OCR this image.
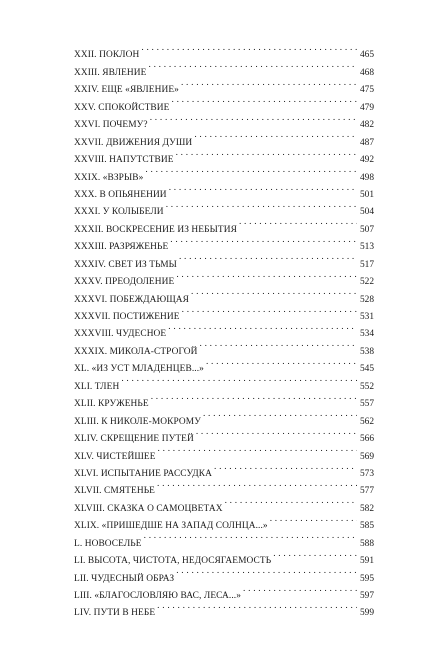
XXII. ПОКЛОН . . .	465
XXIII. ЯВЛЕНИЕ . . .	468
XXIV. ЕЩЕ «ЯВЛЕНИЕ» . . .	475
XXV. СПОКОЙСТВИЕ . . .	479
XXVI. ПОЧЕМУ? . . .	482
XXVII. ДВИЖЕНИЯ ДУШИ . . .	487
XXVIII. НАПУТСТВИЕ . . .	492
XXIX. «ВЗРЫВ» . . .	498
XXX. В ОПЬЯНЕНИИ . . .	501
XXXI. У КОЛЫБЕЛИ . . .	504
XXXII. ВОСКРЕСЕНИЕ ИЗ НЕБЫТИЯ . . .	507
XXXIII. РАЗРЯЖЕНЬЕ . . .	513
XXXIV. СВЕТ ИЗ ТЬМЫ . . .	517
XXXV. ПРЕОДОЛЕНИЕ . . .	522
XXXVI. ПОБЕЖДАЮЩАЯ . . .	528
XXXVII. ПОСТИЖЕНИЕ . . .	531
XXXVIII. ЧУДЕСНОЕ . . .	534
XXXIX. МИКОЛА-СТРОГОЙ . . .	538
XL. «ИЗ УСТ МЛАДЕНЦЕВ...» . . .	545
XLI. ТЛЕН . . .	552
XLII. КРУЖЕНЬЕ . . .	557
XLIII. К НИКОЛЕ-МОКРОМУ . . .	562
XLIV. СКРЕЩЕНИЕ ПУТЕЙ . . .	566
XLV. ЧИСТЕЙШЕЕ . . .	569
XLVI. ИСПЫТАНИЕ РАССУДКА . . .	573
XLVII. СМЯТЕНЬЕ . . .	577
XLVIII. СКАЗКА О САМОЦВЕТАХ . . .	582
XLIX. «ПРИШЕДШЕ НА ЗАПАД СОЛНЦА...» . . .	585
L. НОВОСЕЛЬЕ . . .	588
LI. ВЫСОТА, ЧИСТОТА, НЕДОСЯГАЕМОСТЬ . . .	591
LII. ЧУДЕСНЫЙ ОБРАЗ . . .	595
LIII. «БЛАГОСЛОВЛЯЮ ВАС, ЛЕСА...» . . .	597
LIV. ПУТИ В НЕБЕ . . .	599
